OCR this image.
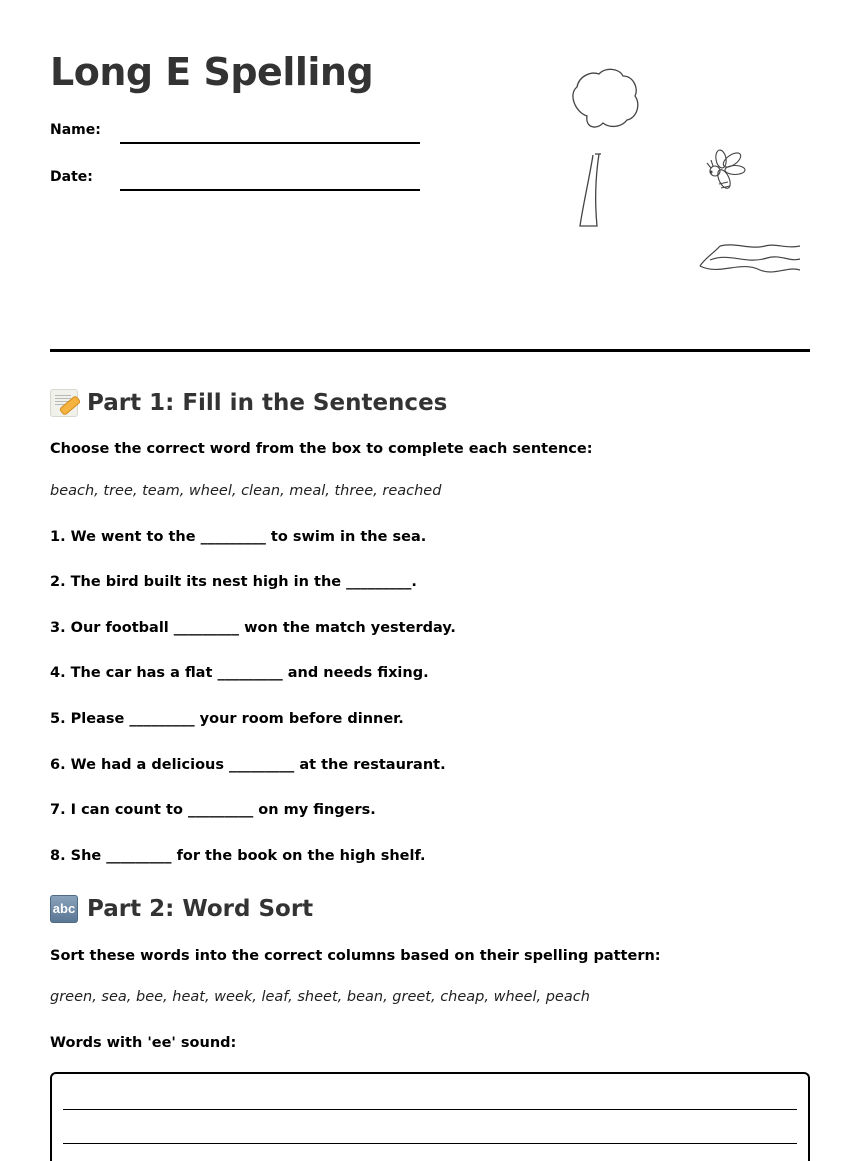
Long E Spelling
Name:
Date:
Part 1: Fill in the Sentences
Choose the correct word from the box to complete each sentence:
beach, tree, team, wheel, clean, meal, three, reached
1. We went to the _________ to swim in the sea.
2. The bird built its nest high in the _________.
3. Our football _________ won the match yesterday.
4. The car has a flat _________ and needs fixing.
5. Please _________ your room before dinner.
6. We had a delicious _________ at the restaurant.
7. I can count to _________ on my fingers.
8. She _________ for the book on the high shelf.
abc Part 2: Word Sort
Sort these words into the correct columns based on their spelling pattern:
green, sea, bee, heat, week, leaf, sheet, bean, greet, cheap, wheel, peach
Words with 'ee' sound:
